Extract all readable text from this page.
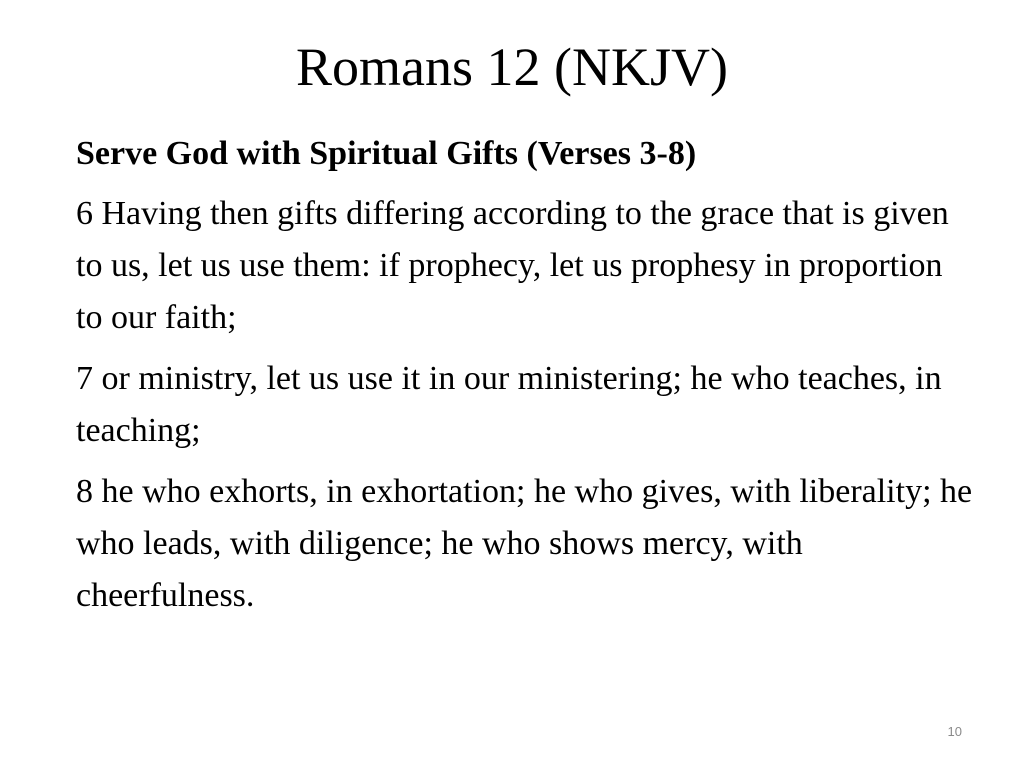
Romans 12 (NKJV)

Serve God with Spiritual Gifts (Verses 3-8)

6 Having then gifts differing according to the grace that is given to us, let us use them: if prophecy, let us prophesy in proportion to our faith;

7 or ministry, let us use it in our ministering; he who teaches, in teaching;

8 he who exhorts, in exhortation; he who gives, with liberality; he who leads, with diligence; he who shows mercy, with cheerfulness.

10
